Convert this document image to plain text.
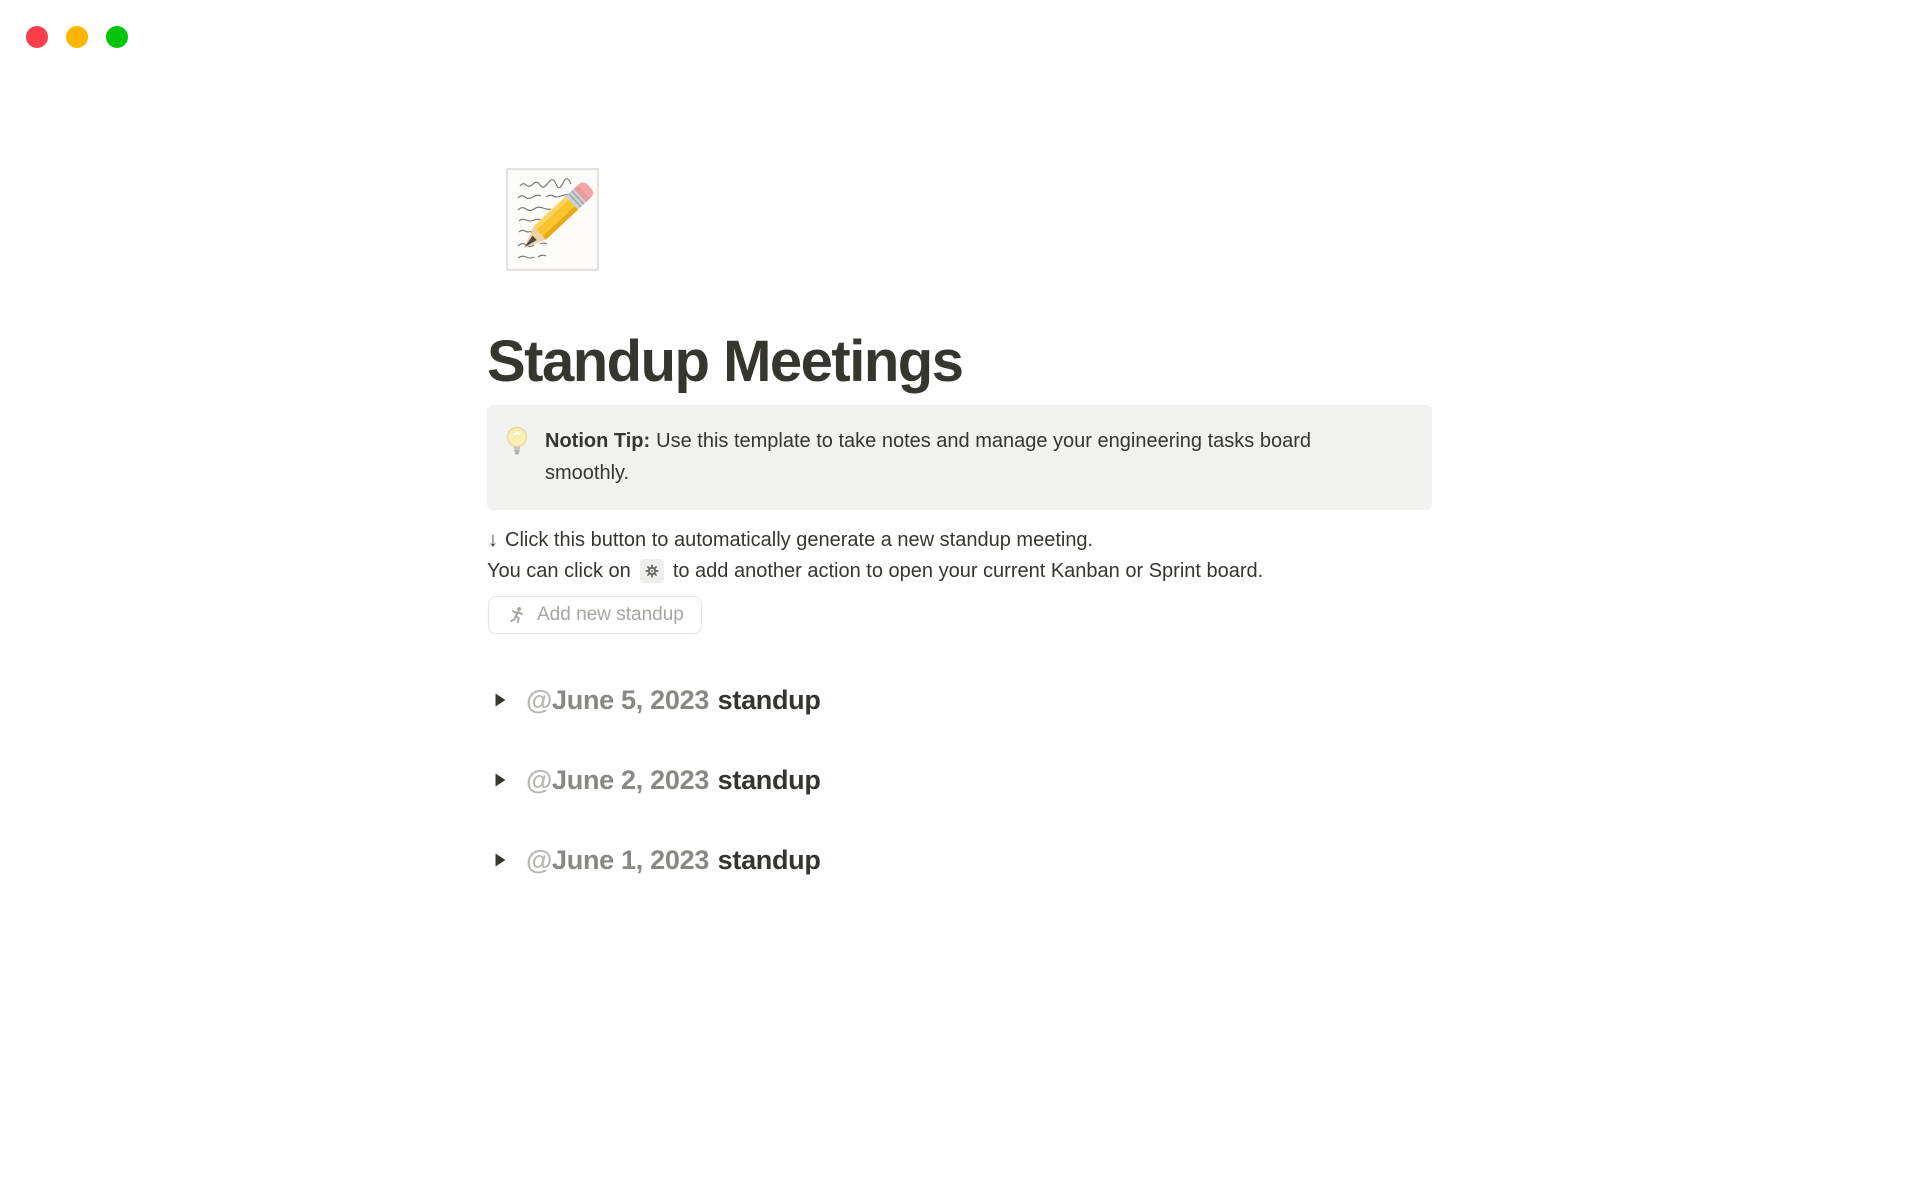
Standup Meetings
Notion Tip: Use this template to take notes and manage your engineering tasks board smoothly.
↓ Click this button to automatically generate a new standup meeting.
You can click on to add another action to open your current Kanban or Sprint board.
Add new standup
@June 5, 2023 standup
@June 2, 2023 standup
@June 1, 2023 standup
